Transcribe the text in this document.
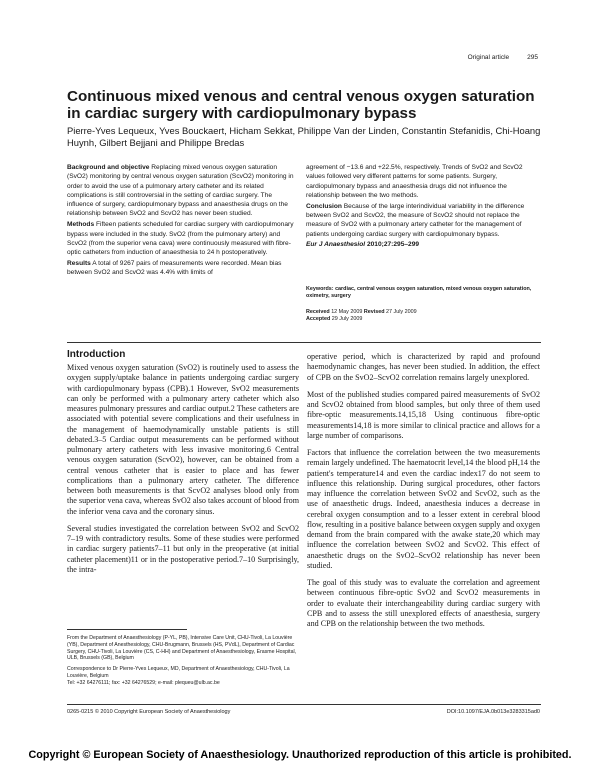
Original article	295
Continuous mixed venous and central venous oxygen saturation in cardiac surgery with cardiopulmonary bypass
Pierre-Yves Lequeux, Yves Bouckaert, Hicham Sekkat, Philippe Van der Linden, Constantin Stefanidis, Chi-Hoang Huynh, Gilbert Bejjani and Philippe Bredas

Background and objective Replacing mixed venous oxygen saturation (SvO2) monitoring by central venous oxygen saturation (ScvO2) monitoring in order to avoid the use of a pulmonary artery catheter and its related complications is still controversial in the setting of cardiac surgery. The influence of surgery, cardiopulmonary bypass and anaesthesia drugs on the relationship between SvO2 and ScvO2 has never been studied.

Methods Fifteen patients scheduled for cardiac surgery with cardiopulmonary bypass were included in the study. SvO2 (from the pulmonary artery) and ScvO2 (from the superior vena cava) were continuously measured with fibre-optic catheters from induction of anaesthesia to 24 h postoperatively.

Results A total of 9267 pairs of measurements were recorded. Mean bias between SvO2 and ScvO2 was 4.4% with limits of

agreement of −13.6 and +22.5%, respectively. Trends of SvO2 and ScvO2 values followed very different patterns for some patients. Surgery, cardiopulmonary bypass and anaesthesia drugs did not influence the relationship between the two methods.

Conclusion Because of the large interindividual variability in the difference between SvO2 and ScvO2, the measure of ScvO2 should not replace the measure of SvO2 with a pulmonary artery catheter for the management of patients undergoing cardiac surgery with cardiopulmonary bypass.

Eur J Anaesthesiol 2010;27:295–299

Keywords: cardiac, central venous oxygen saturation, mixed venous oxygen saturation, oximetry, surgery
Received 12 May 2009 Revised 27 July 2009
Accepted 29 July 2009
Introduction

Mixed venous oxygen saturation (SvO2) is routinely used to assess the oxygen supply/uptake balance in patients undergoing cardiac surgery with cardiopulmonary bypass (CPB).1 However, SvO2 measurements can only be performed with a pulmonary artery catheter which also measures pulmonary pressures and cardiac output.2 These catheters are associated with potential severe complications and their usefulness in the management of haemodynamically unstable patients is still debated.3–5 Cardiac output measurements can be performed without pulmonary artery catheters with less invasive monitoring.6 Central venous oxygen saturation (ScvO2), however, can be obtained from a central venous catheter that is easier to place and has fewer complications than a pulmonary artery catheter. The difference between both measurements is that ScvO2 analyses blood only from the superior vena cava, whereas SvO2 also takes account of blood from the inferior vena cava and the coronary sinus.

Several studies investigated the correlation between SvO2 and ScvO2 7–19 with contradictory results. Some of these studies were performed in cardiac surgery patients7–11 but only in the preoperative (at initial catheter placement)11 or in the postoperative period.7–10 Surprisingly, the intra-

operative period, which is characterized by rapid and profound haemodynamic changes, has never been studied. In addition, the effect of CPB on the SvO2–ScvO2 correlation remains largely unexplored.

Most of the published studies compared paired measurements of SvO2 and ScvO2 obtained from blood samples, but only three of them used fibre-optic measurements.14,15,18 Using continuous fibre-optic measurements14,18 is more similar to clinical practice and allows for a large number of comparisons.

Factors that influence the correlation between the two measurements remain largely undefined. The haematocrit level,14 the blood pH,14 the patient's temperature14 and even the cardiac index17 do not seem to influence this relationship. During surgical procedures, other factors may influence the correlation between SvO2 and ScvO2, such as the use of anaesthetic drugs. Indeed, anaesthesia induces a decrease in cerebral oxygen consumption and to a lesser extent in cerebral blood flow, resulting in a positive balance between oxygen supply and oxygen demand from the brain compared with the awake state,20 which may influence the correlation between SvO2 and ScvO2. This effect of anaesthetic drugs on the SvO2–ScvO2 relationship has never been studied.

The goal of this study was to evaluate the correlation and agreement between continuous fibre-optic SvO2 and ScvO2 measurements in order to evaluate their interchangeability during cardiac surgery with CPB and to assess the still unexplored effects of anaesthesia, surgery and CPB on the relationship between the two methods.

From the Department of Anaesthesiology (P-YL, PB), Intensive Care Unit, CHU-Tivoli, La Louvière (YB), Department of Anesthesiology, CHU-Brugmann, Brussels (HS, PVdL), Department of Cardiac Surgery, CHU-Tivoli, La Louvière (CS, C-HH) and Department of Anaesthesiology, Erasme Hospital, ULB, Brussels (GB), Belgium

Correspondence to Dr Pierre-Yves Lequeux, MD, Department of Anaesthesiology, CHU-Tivoli, La Louvière, Belgium
Tel: +32 64276111; fax: +32 64276529; e-mail: plequeu@ulb.ac.be

0265-0215 © 2010 Copyright European Society of Anaesthesiology	DOI:10.1097/EJA.0b013e3283315ad0
Copyright © European Society of Anaesthesiology. Unauthorized reproduction of this article is prohibited.
